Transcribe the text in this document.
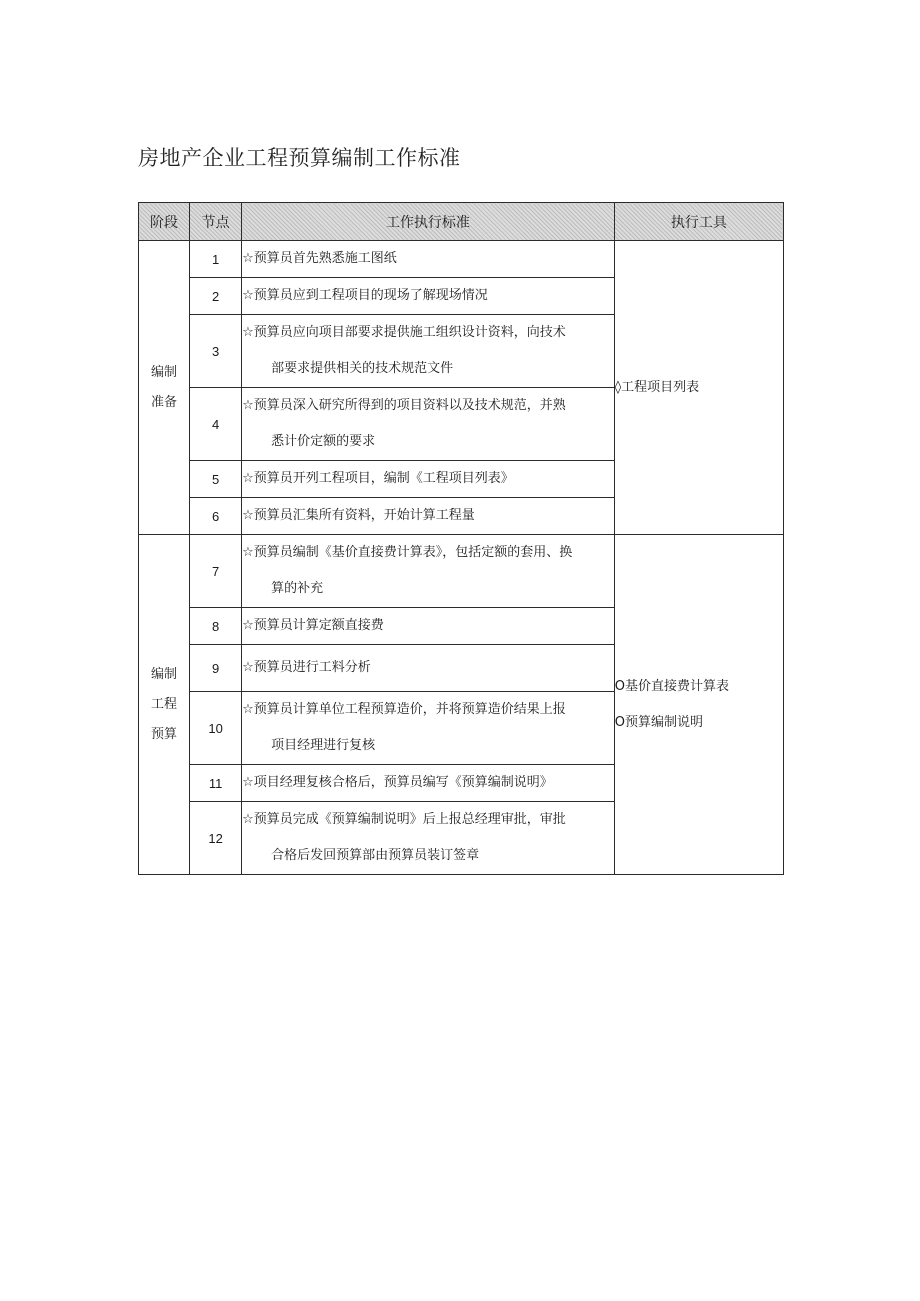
房地产企业工程预算编制工作标准
阶段	节点	工作执行标准	执行工具

编制
准备	1	☆预算员首先熟悉施工图纸	◊工程项目列表

	2	☆预算员应到工程项目的现场了解现场情况	

	3	☆预算员应向项目部要求提供施工组织设计资料，向技术
部要求提供相关的技术规范文件	

	4	☆预算员深入研究所得到的项目资料以及技术规范，并熟
悉计价定额的要求	

	5	☆预算员开列工程项目，编制《工程项目列表》	

	6	☆预算员汇集所有资料，开始计算工程量	

编制
工程
预算	7	☆预算员编制《基价直接费计算表》，包括定额的套用、换
算的补充	O基价直接费计算表
O预算编制说明

	8	☆预算员计算定额直接费	

	9	☆预算员进行工料分析	

	10	☆预算员计算单位工程预算造价，并将预算造价结果上报
项目经理进行复核	

	11	☆项目经理复核合格后，预算员编写《预算编制说明》	

	12	☆预算员完成《预算编制说明》后上报总经理审批，审批
合格后发回预算部由预算员装订签章	
